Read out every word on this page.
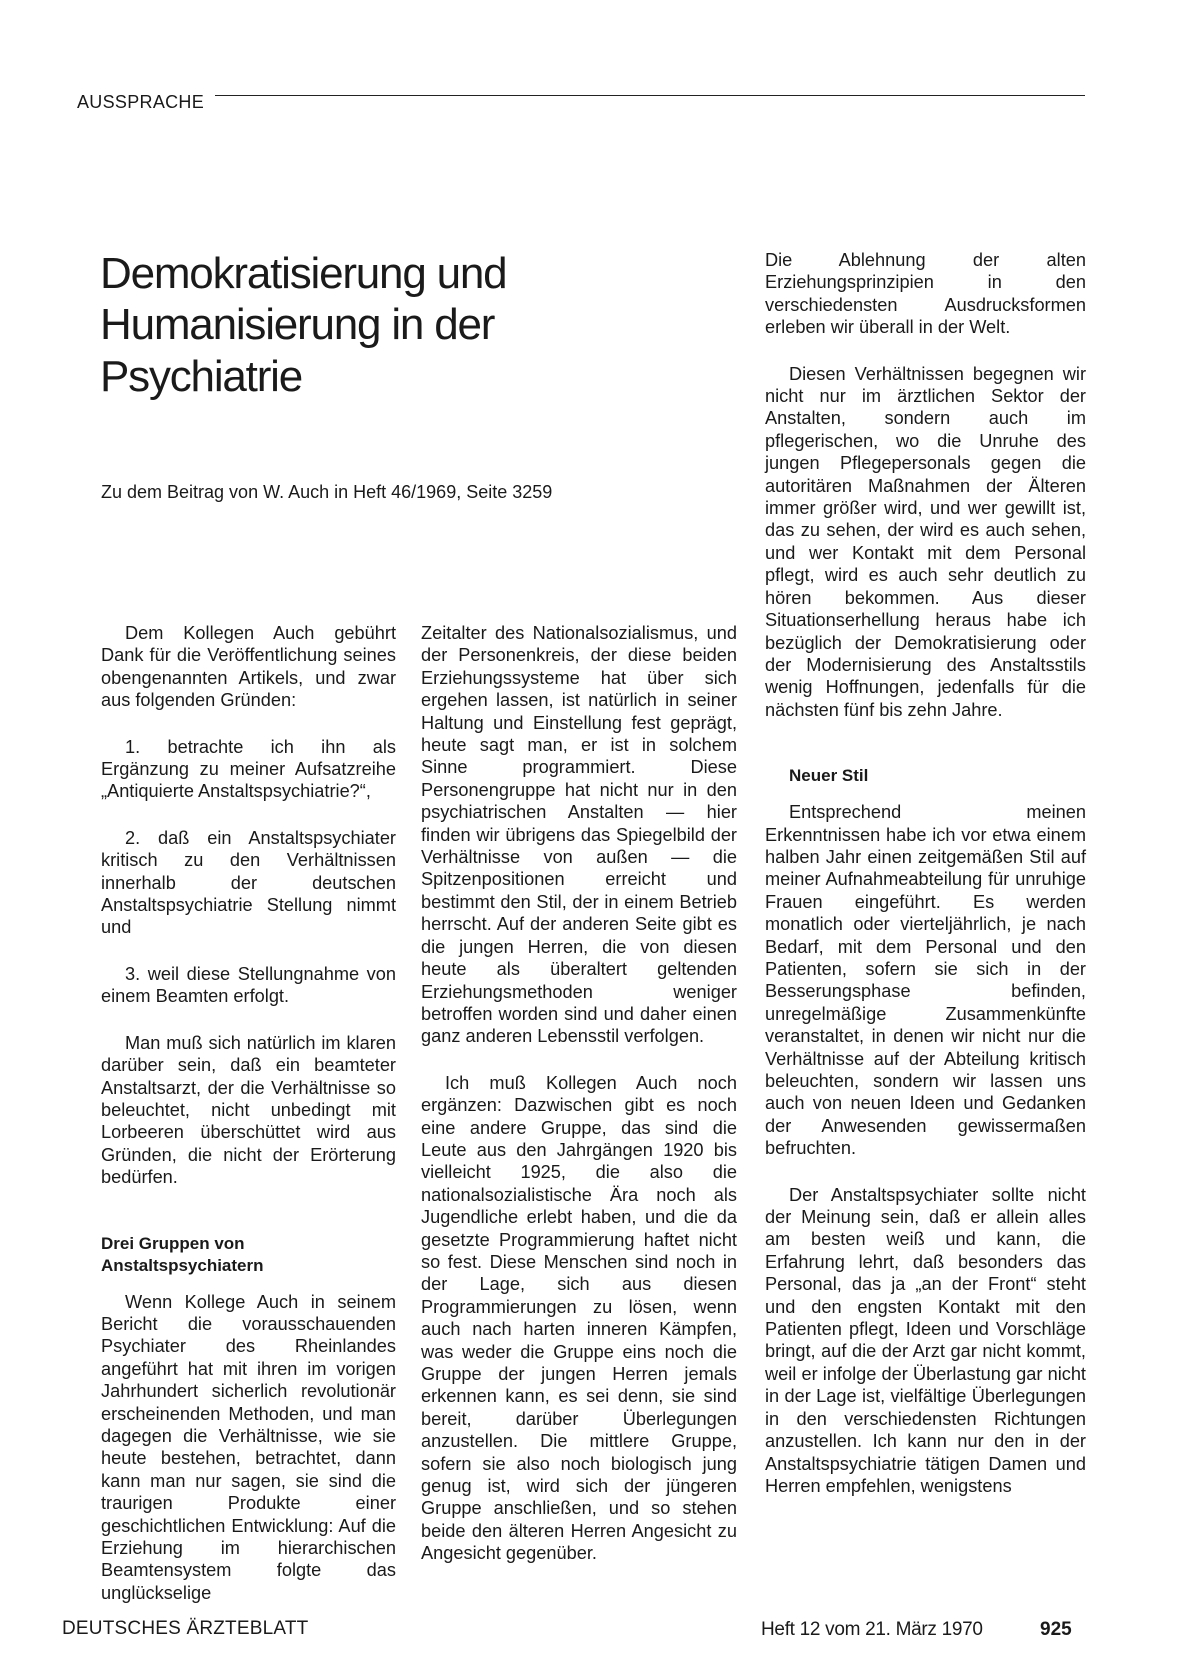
AUSSPRACHE
Demokratisierung und Humanisierung in der Psychiatrie
Zu dem Beitrag von W. Auch in Heft 46/1969, Seite 3259

Dem Kollegen Auch gebührt Dank für die Veröffentlichung seines obengenannten Artikels, und zwar aus folgenden Gründen:

1. betrachte ich ihn als Ergänzung zu meiner Aufsatzreihe „Antiquierte Anstaltspsychiatrie?“,

2. daß ein Anstaltspsychiater kritisch zu den Verhältnissen innerhalb der deutschen Anstaltspsychiatrie Stellung nimmt und

3. weil diese Stellungnahme von einem Beamten erfolgt.

Man muß sich natürlich im klaren darüber sein, daß ein beamteter Anstaltsarzt, der die Verhältnisse so beleuchtet, nicht unbedingt mit Lorbeeren überschüttet wird aus Gründen, die nicht der Erörterung bedürfen.

Drei Gruppen von Anstaltspsychiatern

Wenn Kollege Auch in seinem Bericht die vorausschauenden Psychiater des Rheinlandes angeführt hat mit ihren im vorigen Jahrhundert sicherlich revolutionär erscheinenden Methoden, und man dagegen die Verhältnisse, wie sie heute bestehen, betrachtet, dann kann man nur sagen, sie sind die traurigen Produkte einer geschichtlichen Entwicklung: Auf die Erziehung im hierarchischen Beamtensystem folgte das unglückselige

Zeitalter des Nationalsozialismus, und der Personenkreis, der diese beiden Erziehungssysteme hat über sich ergehen lassen, ist natürlich in seiner Haltung und Einstellung fest geprägt, heute sagt man, er ist in solchem Sinne programmiert. Diese Personengruppe hat nicht nur in den psychiatrischen Anstalten — hier finden wir übrigens das Spiegelbild der Verhältnisse von außen — die Spitzenpositionen erreicht und bestimmt den Stil, der in einem Betrieb herrscht. Auf der anderen Seite gibt es die jungen Herren, die von diesen heute als überaltert geltenden Erziehungsmethoden weniger betroffen worden sind und daher einen ganz anderen Lebensstil verfolgen.

Ich muß Kollegen Auch noch ergänzen: Dazwischen gibt es noch eine andere Gruppe, das sind die Leute aus den Jahrgängen 1920 bis vielleicht 1925, die also die nationalsozialistische Ära noch als Jugendliche erlebt haben, und die da gesetzte Programmierung haftet nicht so fest. Diese Menschen sind noch in der Lage, sich aus diesen Programmierungen zu lösen, wenn auch nach harten inneren Kämpfen, was weder die Gruppe eins noch die Gruppe der jungen Herren jemals erkennen kann, es sei denn, sie sind bereit, darüber Überlegungen anzustellen. Die mittlere Gruppe, sofern sie also noch biologisch jung genug ist, wird sich der jüngeren Gruppe anschließen, und so stehen beide den älteren Herren Angesicht zu Angesicht gegenüber.

Die Ablehnung der alten Erziehungsprinzipien in den verschiedensten Ausdrucksformen erleben wir überall in der Welt.

Diesen Verhältnissen begegnen wir nicht nur im ärztlichen Sektor der Anstalten, sondern auch im pflegerischen, wo die Unruhe des jungen Pflegepersonals gegen die autoritären Maßnahmen der Älteren immer größer wird, und wer gewillt ist, das zu sehen, der wird es auch sehen, und wer Kontakt mit dem Personal pflegt, wird es auch sehr deutlich zu hören bekommen. Aus dieser Situationserhellung heraus habe ich bezüglich der Demokratisierung oder der Modernisierung des Anstaltsstils wenig Hoffnungen, jedenfalls für die nächsten fünf bis zehn Jahre.

Neuer Stil

Entsprechend meinen Erkenntnissen habe ich vor etwa einem halben Jahr einen zeitgemäßen Stil auf meiner Aufnahmeabteilung für unruhige Frauen eingeführt. Es werden monatlich oder vierteljährlich, je nach Bedarf, mit dem Personal und den Patienten, sofern sie sich in der Besserungsphase befinden, unregelmäßige Zusammenkünfte veranstaltet, in denen wir nicht nur die Verhältnisse auf der Abteilung kritisch beleuchten, sondern wir lassen uns auch von neuen Ideen und Gedanken der Anwesenden gewissermaßen befruchten.

Der Anstaltspsychiater sollte nicht der Meinung sein, daß er allein alles am besten weiß und kann, die Erfahrung lehrt, daß besonders das Personal, das ja „an der Front“ steht und den engsten Kontakt mit den Patienten pflegt, Ideen und Vorschläge bringt, auf die der Arzt gar nicht kommt, weil er infolge der Überlastung gar nicht in der Lage ist, vielfältige Überlegungen in den verschiedensten Richtungen anzustellen. Ich kann nur den in der Anstaltspsychiatrie tätigen Damen und Herren empfehlen, wenigstens

DEUTSCHES ÄRZTEBLATT	Heft 12 vom 21. März 1970	925
